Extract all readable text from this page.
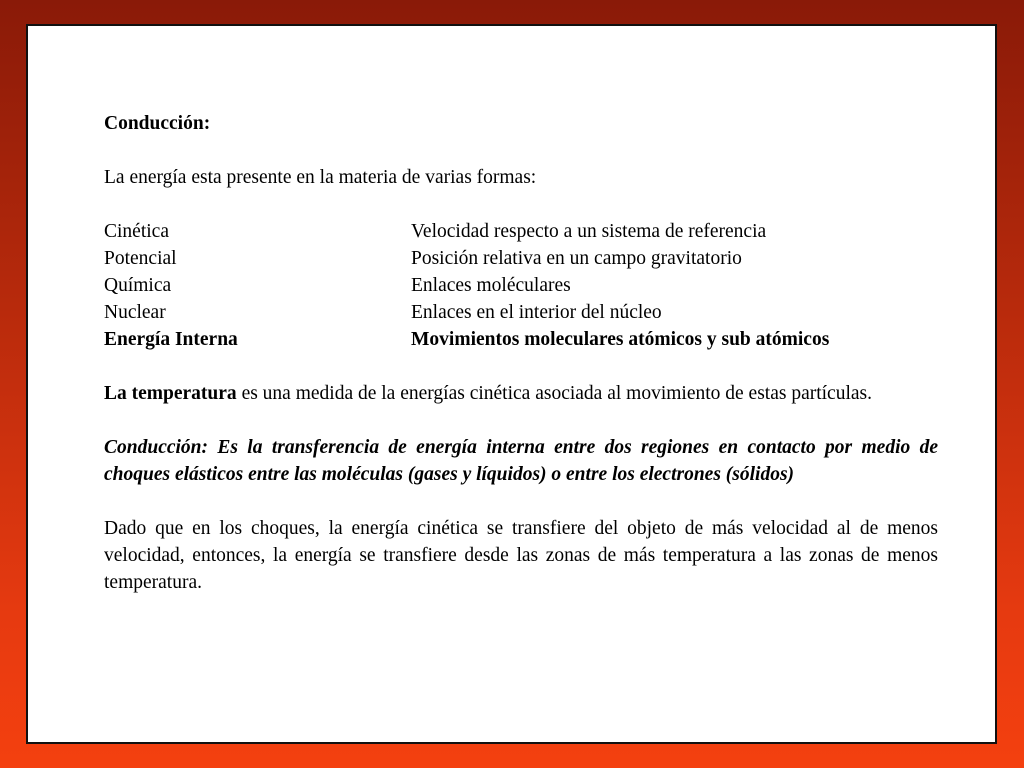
Conducción:

La energía esta presente en la materia de varias formas:

Cinética	Velocidad respecto a un sistema de referencia
Potencial	Posición relativa en un campo gravitatorio
Química	Enlaces moléculares
Nuclear	Enlaces en el interior del núcleo
Energía Interna	Movimientos moleculares atómicos y sub atómicos

La temperatura es una medida de la energías cinética asociada al movimiento de estas partículas.

Conducción: Es la transferencia de energía interna entre dos regiones en contacto por medio de choques elásticos entre las moléculas (gases y líquidos) o entre los electrones (sólidos)

Dado que en los choques, la energía cinética se transfiere del objeto de más velocidad al de menos velocidad, entonces, la energía se transfiere desde las zonas de más temperatura a las zonas de menos temperatura.
